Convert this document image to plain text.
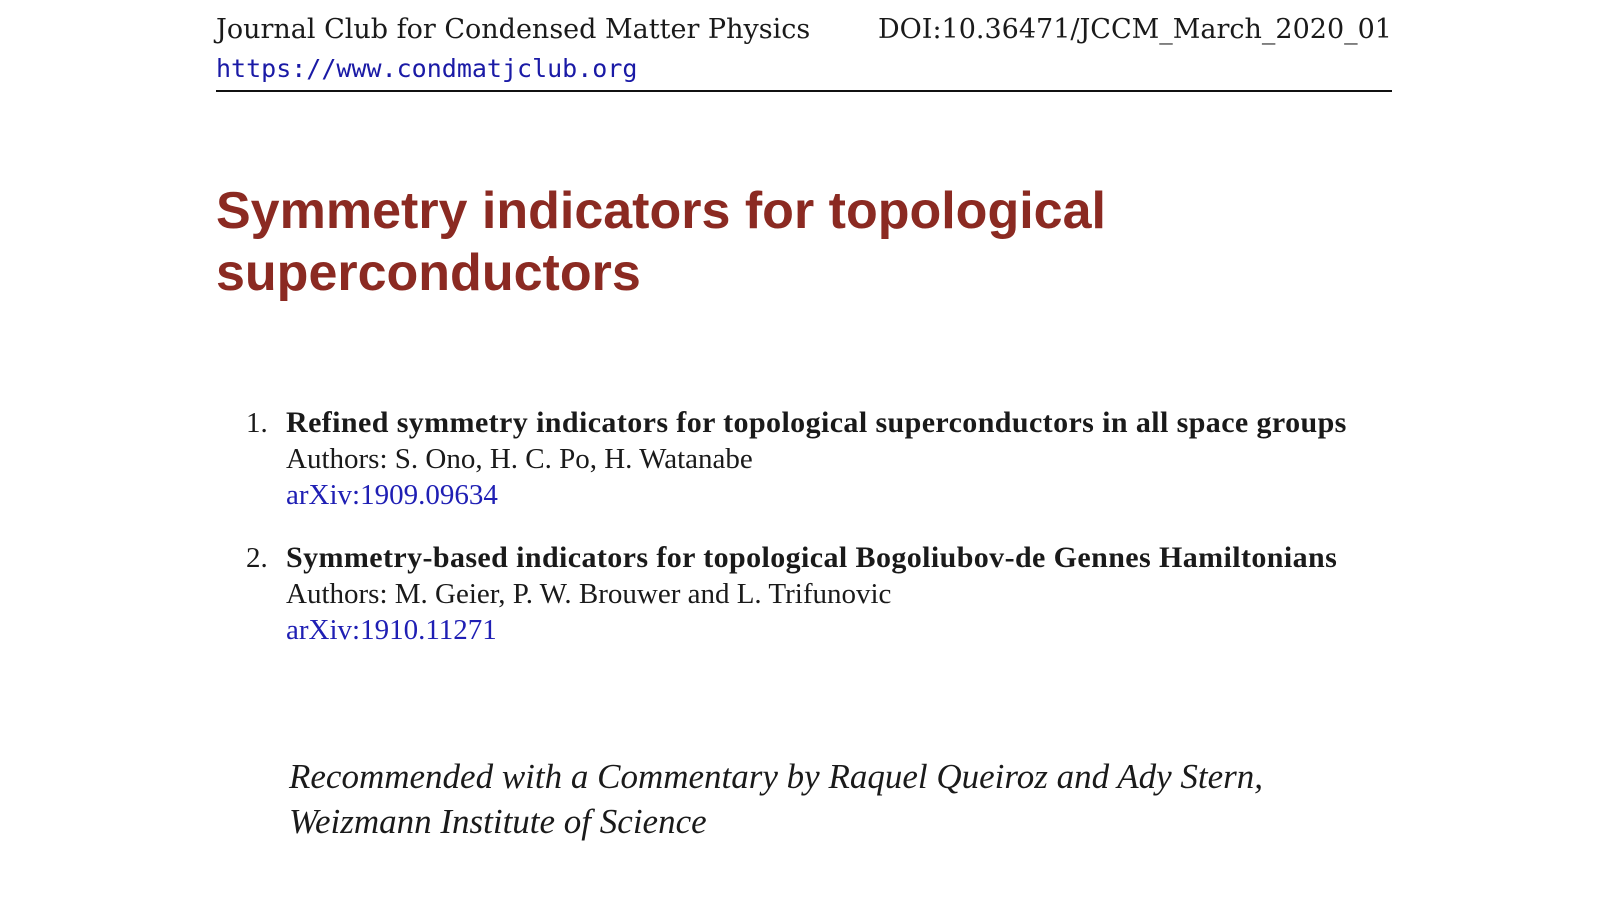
Journal Club for Condensed Matter Physics
https://www.condmatjclub.org
DOI:10.36471/JCCM_March_2020_01
Symmetry indicators for topological superconductors
1. Refined symmetry indicators for topological superconductors in all space groups
Authors: S. Ono, H. C. Po, H. Watanabe
arXiv:1909.09634
2. Symmetry-based indicators for topological Bogoliubov-de Gennes Hamiltonians
Authors: M. Geier, P. W. Brouwer and L. Trifunovic
arXiv:1910.11271

Recommended with a Commentary by Raquel Queiroz and Ady Stern, Weizmann Institute of Science
